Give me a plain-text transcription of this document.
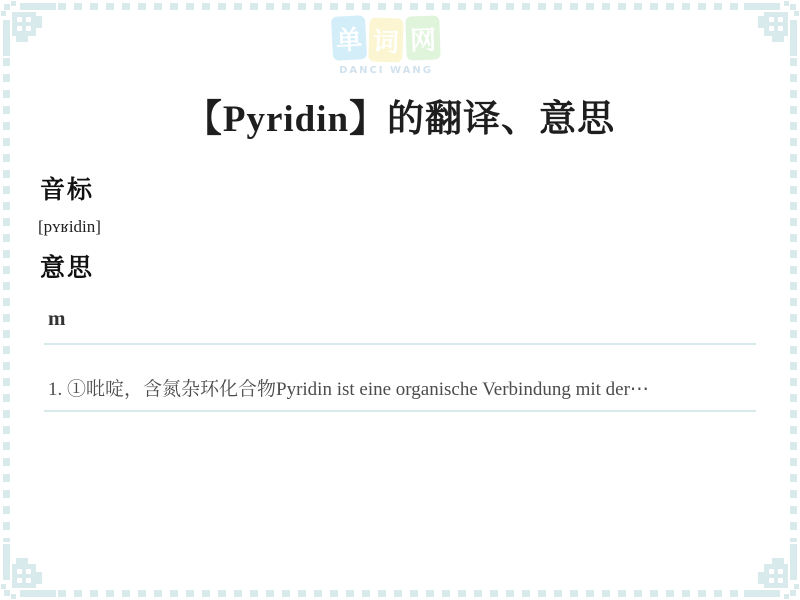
单 词 网
DANCI WANG
【Pyridin】的翻译、意思
音标
[pʏʁidin]
意思
m
1. ①吡啶，含氮杂环化合物Pyridin ist eine organische Verbindung mit der⋯
